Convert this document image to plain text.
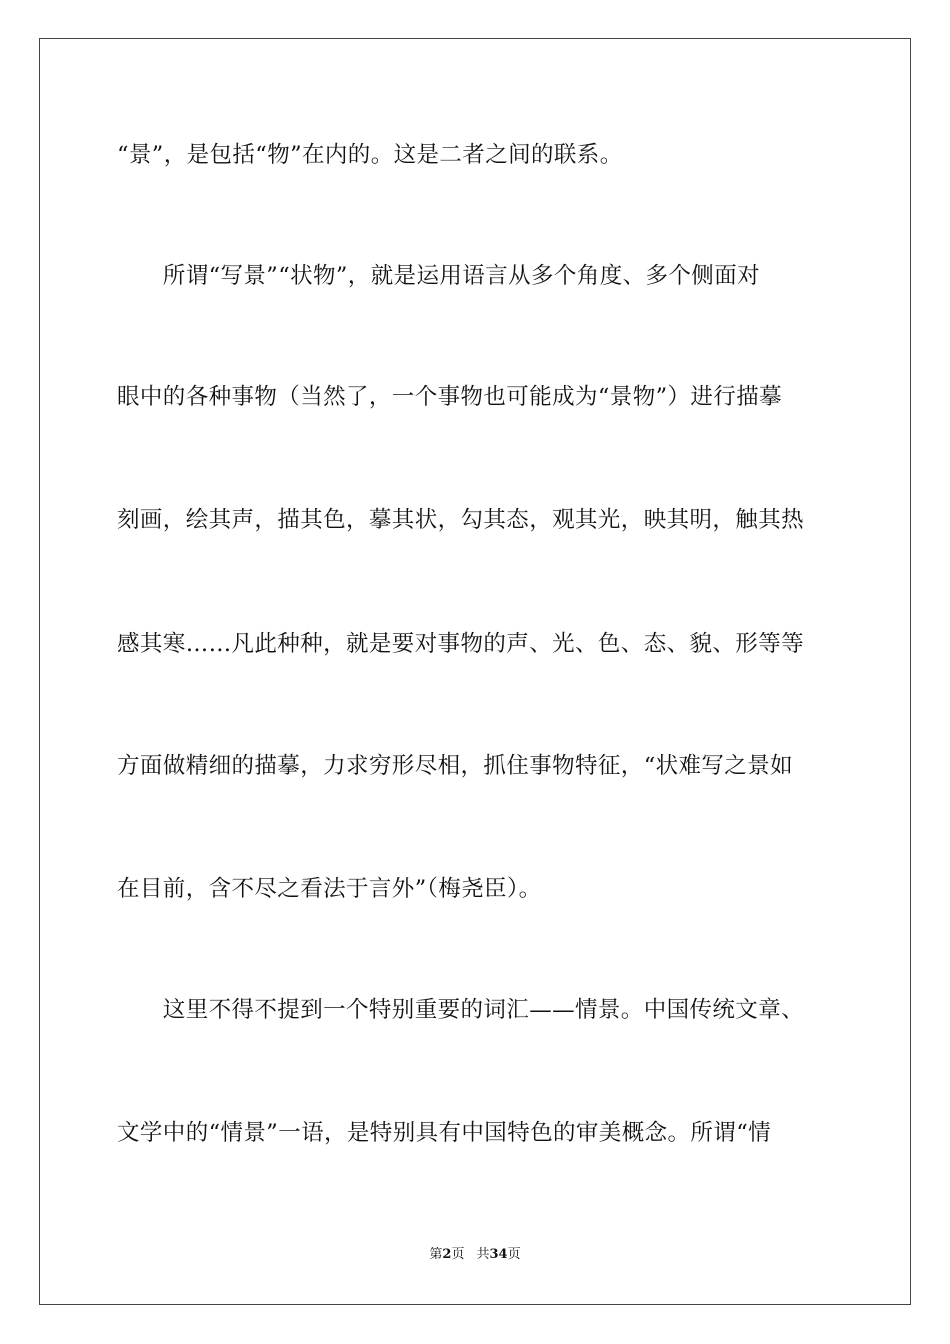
“景”，是包括“物”在内的。这是二者之间的联系。
　　所谓“写景”“状物”，就是运用语言从多个角度、多个侧面对
眼中的各种事物（当然了，一个事物也可能成为“景物”）进行描摹
刻画，绘其声，描其色，摹其状，勾其态，观其光，映其明，触其热
感其寒……凡此种种，就是要对事物的声、光、色、态、貌、形等等
方面做精细的描摹，力求穷形尽相，抓住事物特征，“状难写之景如
在目前，含不尽之看法于言外”（梅尧臣）。
　　这里不得不提到一个特别重要的词汇——情景。中国传统文章、
文学中的“情景”一语，是特别具有中国特色的审美概念。所谓“情
第2页 共34页
